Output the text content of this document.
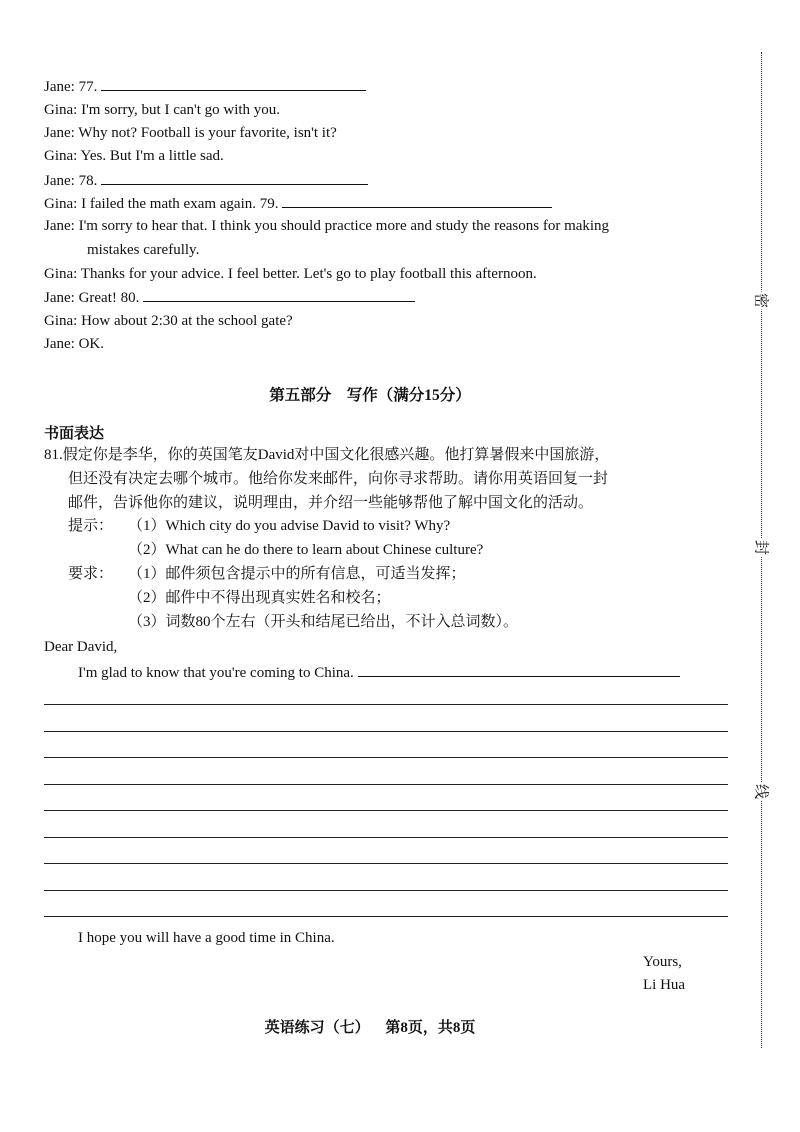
Jane: 77.
Gina: I'm sorry, but I can't go with you.
Jane: Why not? Football is your favorite, isn't it?
Gina: Yes. But I'm a little sad.
Jane: 78.
Gina: I failed the math exam again. 79.
Jane: I'm sorry to hear that. I think you should practice more and study the reasons for making
mistakes carefully.
Gina: Thanks for your advice. I feel better. Let's go to play football this afternoon.
Jane: Great! 80.
Gina: How about 2:30 at the school gate?
Jane: OK.
第五部分　写作（满分15分）
书面表达
81.假定你是李华，你的英国笔友David对中国文化很感兴趣。他打算暑假来中国旅游，
但还没有决定去哪个城市。他给你发来邮件，向你寻求帮助。请你用英语回复一封
邮件，告诉他你的建议，说明理由，并介绍一些能够帮他了解中国文化的活动。
提示： （1）Which city do you advise David to visit? Why?
（2）What can he do there to learn about Chinese culture?
要求： （1）邮件须包含提示中的所有信息，可适当发挥；
（2）邮件中不得出现真实姓名和校名；
（3）词数80个左右（开头和结尾已给出，不计入总词数）。
Dear David,
I'm glad to know that you're coming to China.
I hope you will have a good time in China.
Yours,
Li Hua
密
封
线
英语练习（七） 第8页，共8页
